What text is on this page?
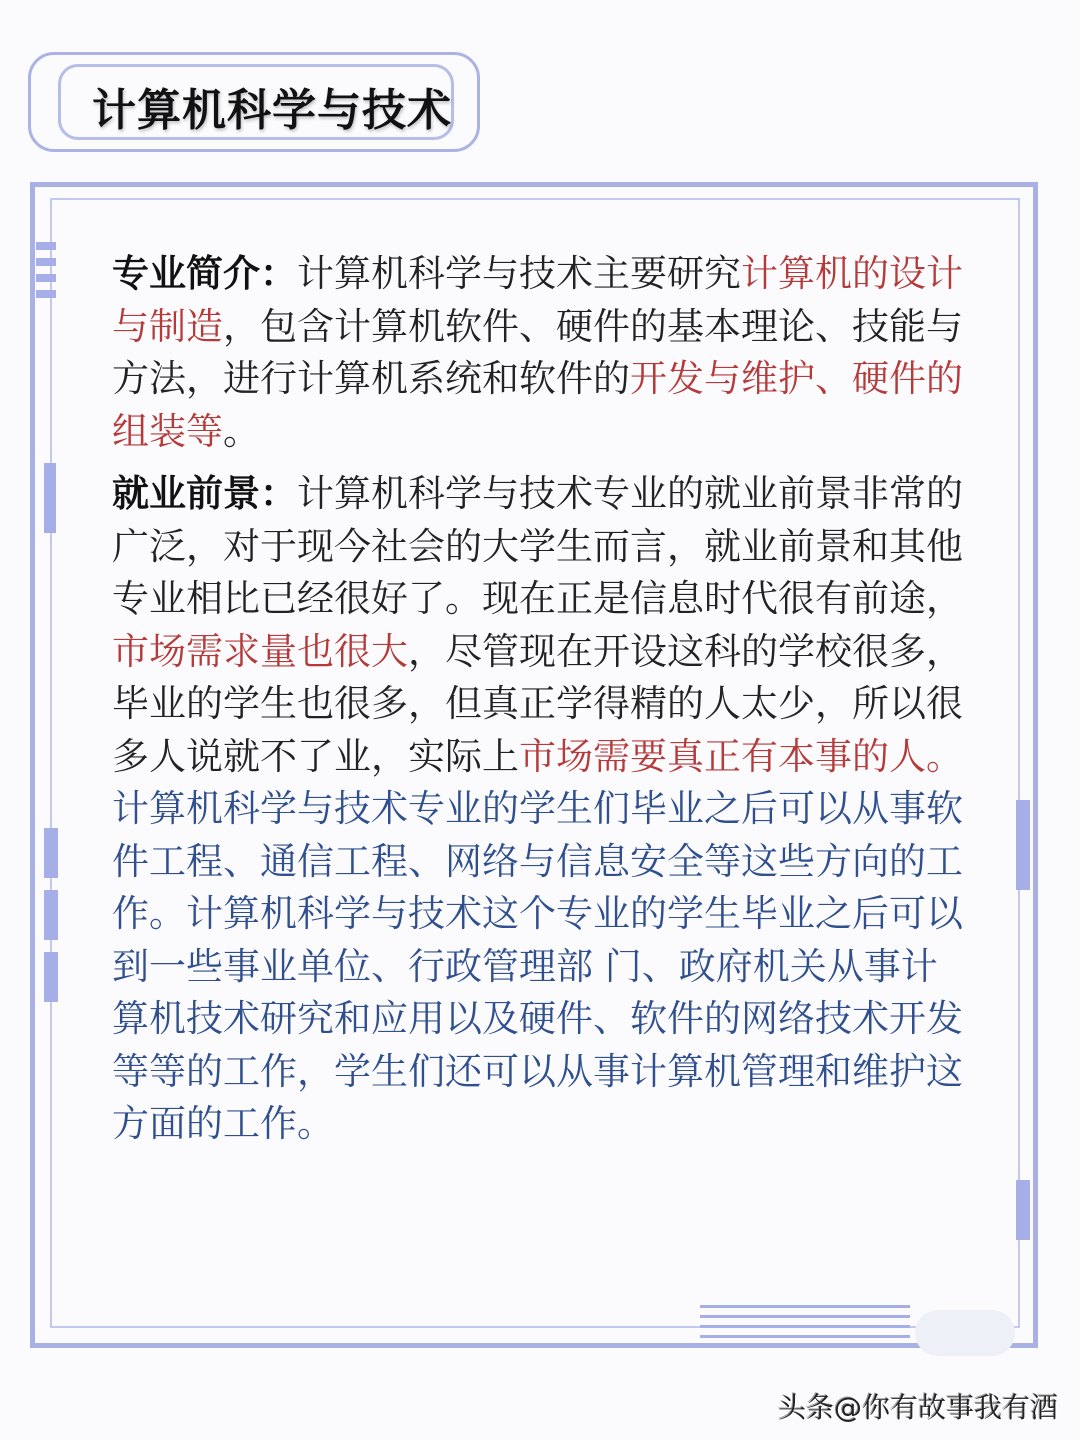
计算机科学与技术

专业简介：计算机科学与技术主要研究计算机的设计与制造，包含计算机软件、硬件的基本理论、技能与方法，进行计算机系统和软件的开发与维护、硬件的组装等。

就业前景：计算机科学与技术专业的就业前景非常的广泛，对于现今社会的大学生而言，就业前景和其他专业相比已经很好了。现在正是信息时代很有前途，市场需求量也很大，尽管现在开设这科的学校很多，毕业的学生也很多，但真正学得精的人太少，所以很多人说就不了业，实际上市场需要真正有本事的人。计算机科学与技术专业的学生们毕业之后可以从事软件工程、通信工程、网络与信息安全等这些方向的工作。计算机科学与技术这个专业的学生毕业之后可以到一些事业单位、行政管理部 门、政府机关从事计算机技术研究和应用以及硬件、软件的网络技术开发等等的工作，学生们还可以从事计算机管理和维护这方面的工作。

头条@你有故事我有酒
